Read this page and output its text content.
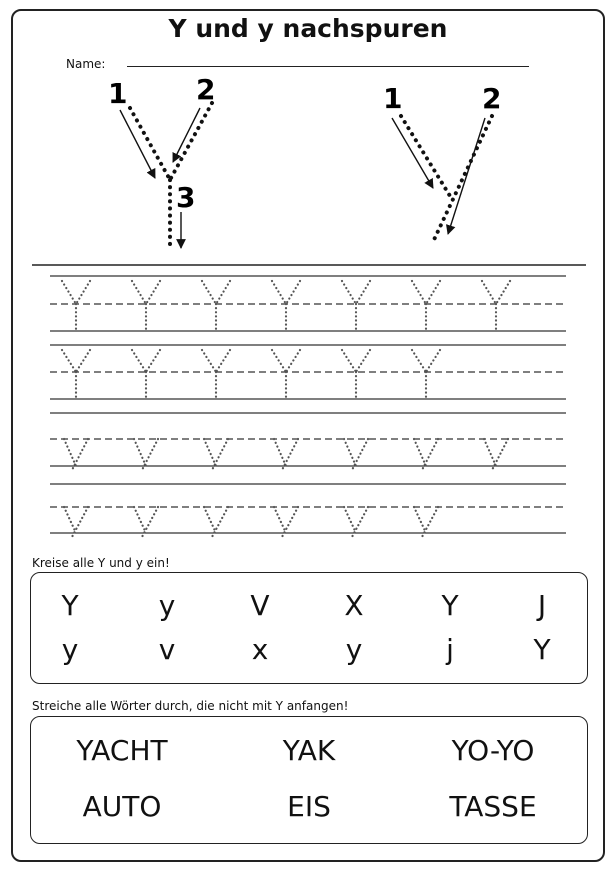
Y und y nachspuren
Name:
1 2
3
1	2
Kreise alle Y und y ein!
Y	y	V	X	Y	J
y	v	x	y	j	Y
Streiche alle Wörter durch, die nicht mit Y anfangen!
YACHT	YAK	YO-YO
AUTO	EIS	TASSE
